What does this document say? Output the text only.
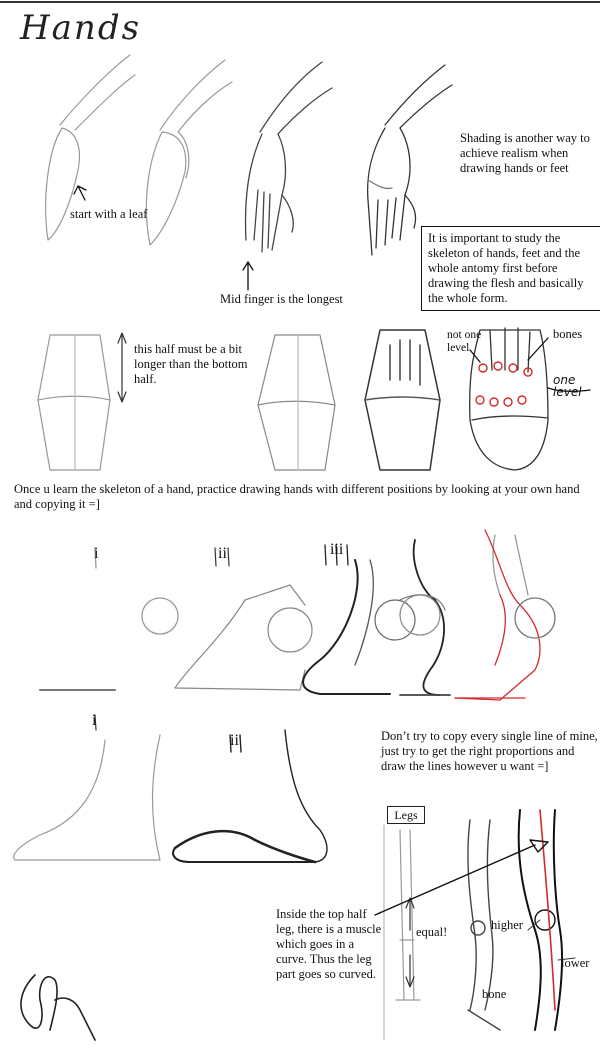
Hands
start with a leaf
Mid finger is the longest
Shading is another way to achieve realism when drawing hands or feet
It is important to study the skeleton of hands, feet and the whole antomy first before drawing the flesh and basically the whole form.
this half must be a bit longer than the bottom half.
not one level
bones
one level
Once u learn the skeleton of a hand, practice drawing hands with different positions by looking at your own hand and copying it =]
Don’t try to copy every single line of mine, just try to get the right proportions and draw the lines however u want =]
Legs
equal!	higher
lower
bone
Inside the top half leg, there is a muscle which goes in a curve. Thus the leg part goes so curved.
i	ii	iii
i
ii
